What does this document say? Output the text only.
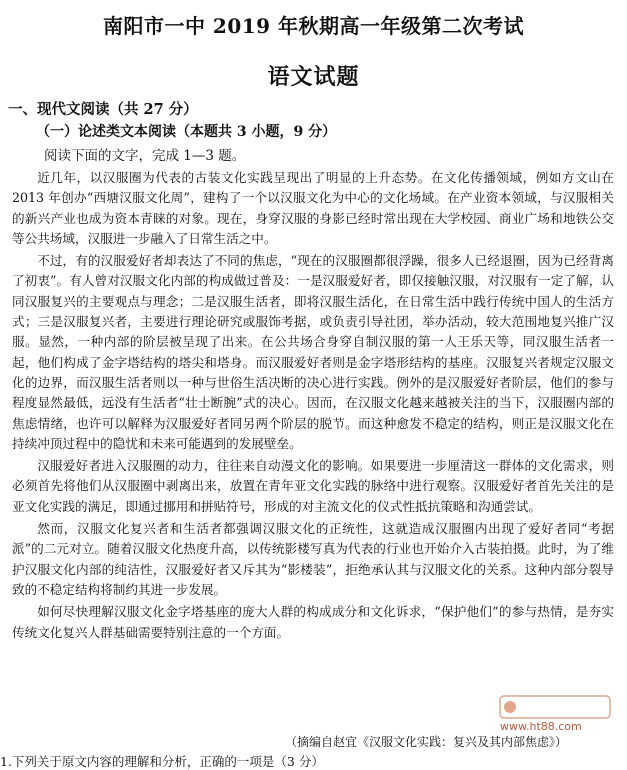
南阳市一中 2019 年秋期高一年级第二次考试
语文试题
一、现代文阅读（共 27 分）
（一）论述类文本阅读（本题共 3 小题，9 分）
阅读下面的文字，完成 1—3 题。

近几年，以汉服圈为代表的古装文化实践呈现出了明显的上升态势。在文化传播领域，例如方文山在 2013 年创办“西塘汉服文化周”，建构了一个以汉服文化为中心的文化场域。在产业资本领域，与汉服相关的新兴产业也成为资本青睐的对象。现在，身穿汉服的身影已经时常出现在大学校园、商业广场和地铁公交等公共场域，汉服进一步融入了日常生活之中。

不过，有的汉服爱好者却表达了不同的焦虑，“现在的汉服圈都很浮躁，很多人已经退圈，因为已经背离了初衷”。有人曾对汉服文化内部的构成做过普及：一是汉服爱好者，即仅接触汉服，对汉服有一定了解，认同汉服复兴的主要观点与理念；二是汉服生活者，即将汉服生活化，在日常生活中践行传统中国人的生活方式；三是汉服复兴者，主要进行理论研究或服饰考据，或负责引导社团，举办活动，较大范围地复兴推广汉服。显然，一种内部的阶层被呈现了出来。在公共场合身穿自制汉服的第一人王乐天等，同汉服生活者一起，他们构成了金字塔结构的塔尖和塔身。而汉服爱好者则是金字塔形结构的基座。汉服复兴者规定汉服文化的边界，而汉服生活者则以一种与世俗生活决断的决心进行实践。例外的是汉服爱好者阶层，他们的参与程度显然最低，远没有生活者“壮士断腕”式的决心。因而，在汉服文化越来越被关注的当下，汉服圈内部的焦虑情绪，也许可以解释为汉服爱好者同另两个阶层的脱节。而这种愈发不稳定的结构，则正是汉服文化在持续冲顶过程中的隐忧和未来可能遇到的发展壁垒。

汉服爱好者进入汉服圈的动力，往往来自动漫文化的影响。如果要进一步厘清这一群体的文化需求，则必须首先将他们从汉服圈中剥离出来，放置在青年亚文化实践的脉络中进行观察。汉服爱好者首先关注的是亚文化实践的满足，即通过挪用和拼贴符号，形成的对主流文化的仪式性抵抗策略和沟通尝试。

然而，汉服文化复兴者和生活者都强调汉服文化的正统性，这就造成汉服圈内出现了爱好者同“考据派”的二元对立。随着汉服文化热度升高，以传统影楼写真为代表的行业也开始介入古装拍摄。此时，为了维护汉服文化内部的纯洁性，汉服爱好者又斥其为“影楼装”，拒绝承认其与汉服文化的关系。这种内部分裂导致的不稳定结构将制约其进一步发展。

如何尽快理解汉服文化金字塔基座的庞大人群的构成成分和文化诉求，“保护他们”的参与热情，是夯实传统文化复兴人群基础需要特别注意的一个方面。

（摘编自赵宜《汉服文化实践：复兴及其内部焦虑》）
1.下列关于原文内容的理解和分析，正确的一项是（3 分）
www.ht88.com
